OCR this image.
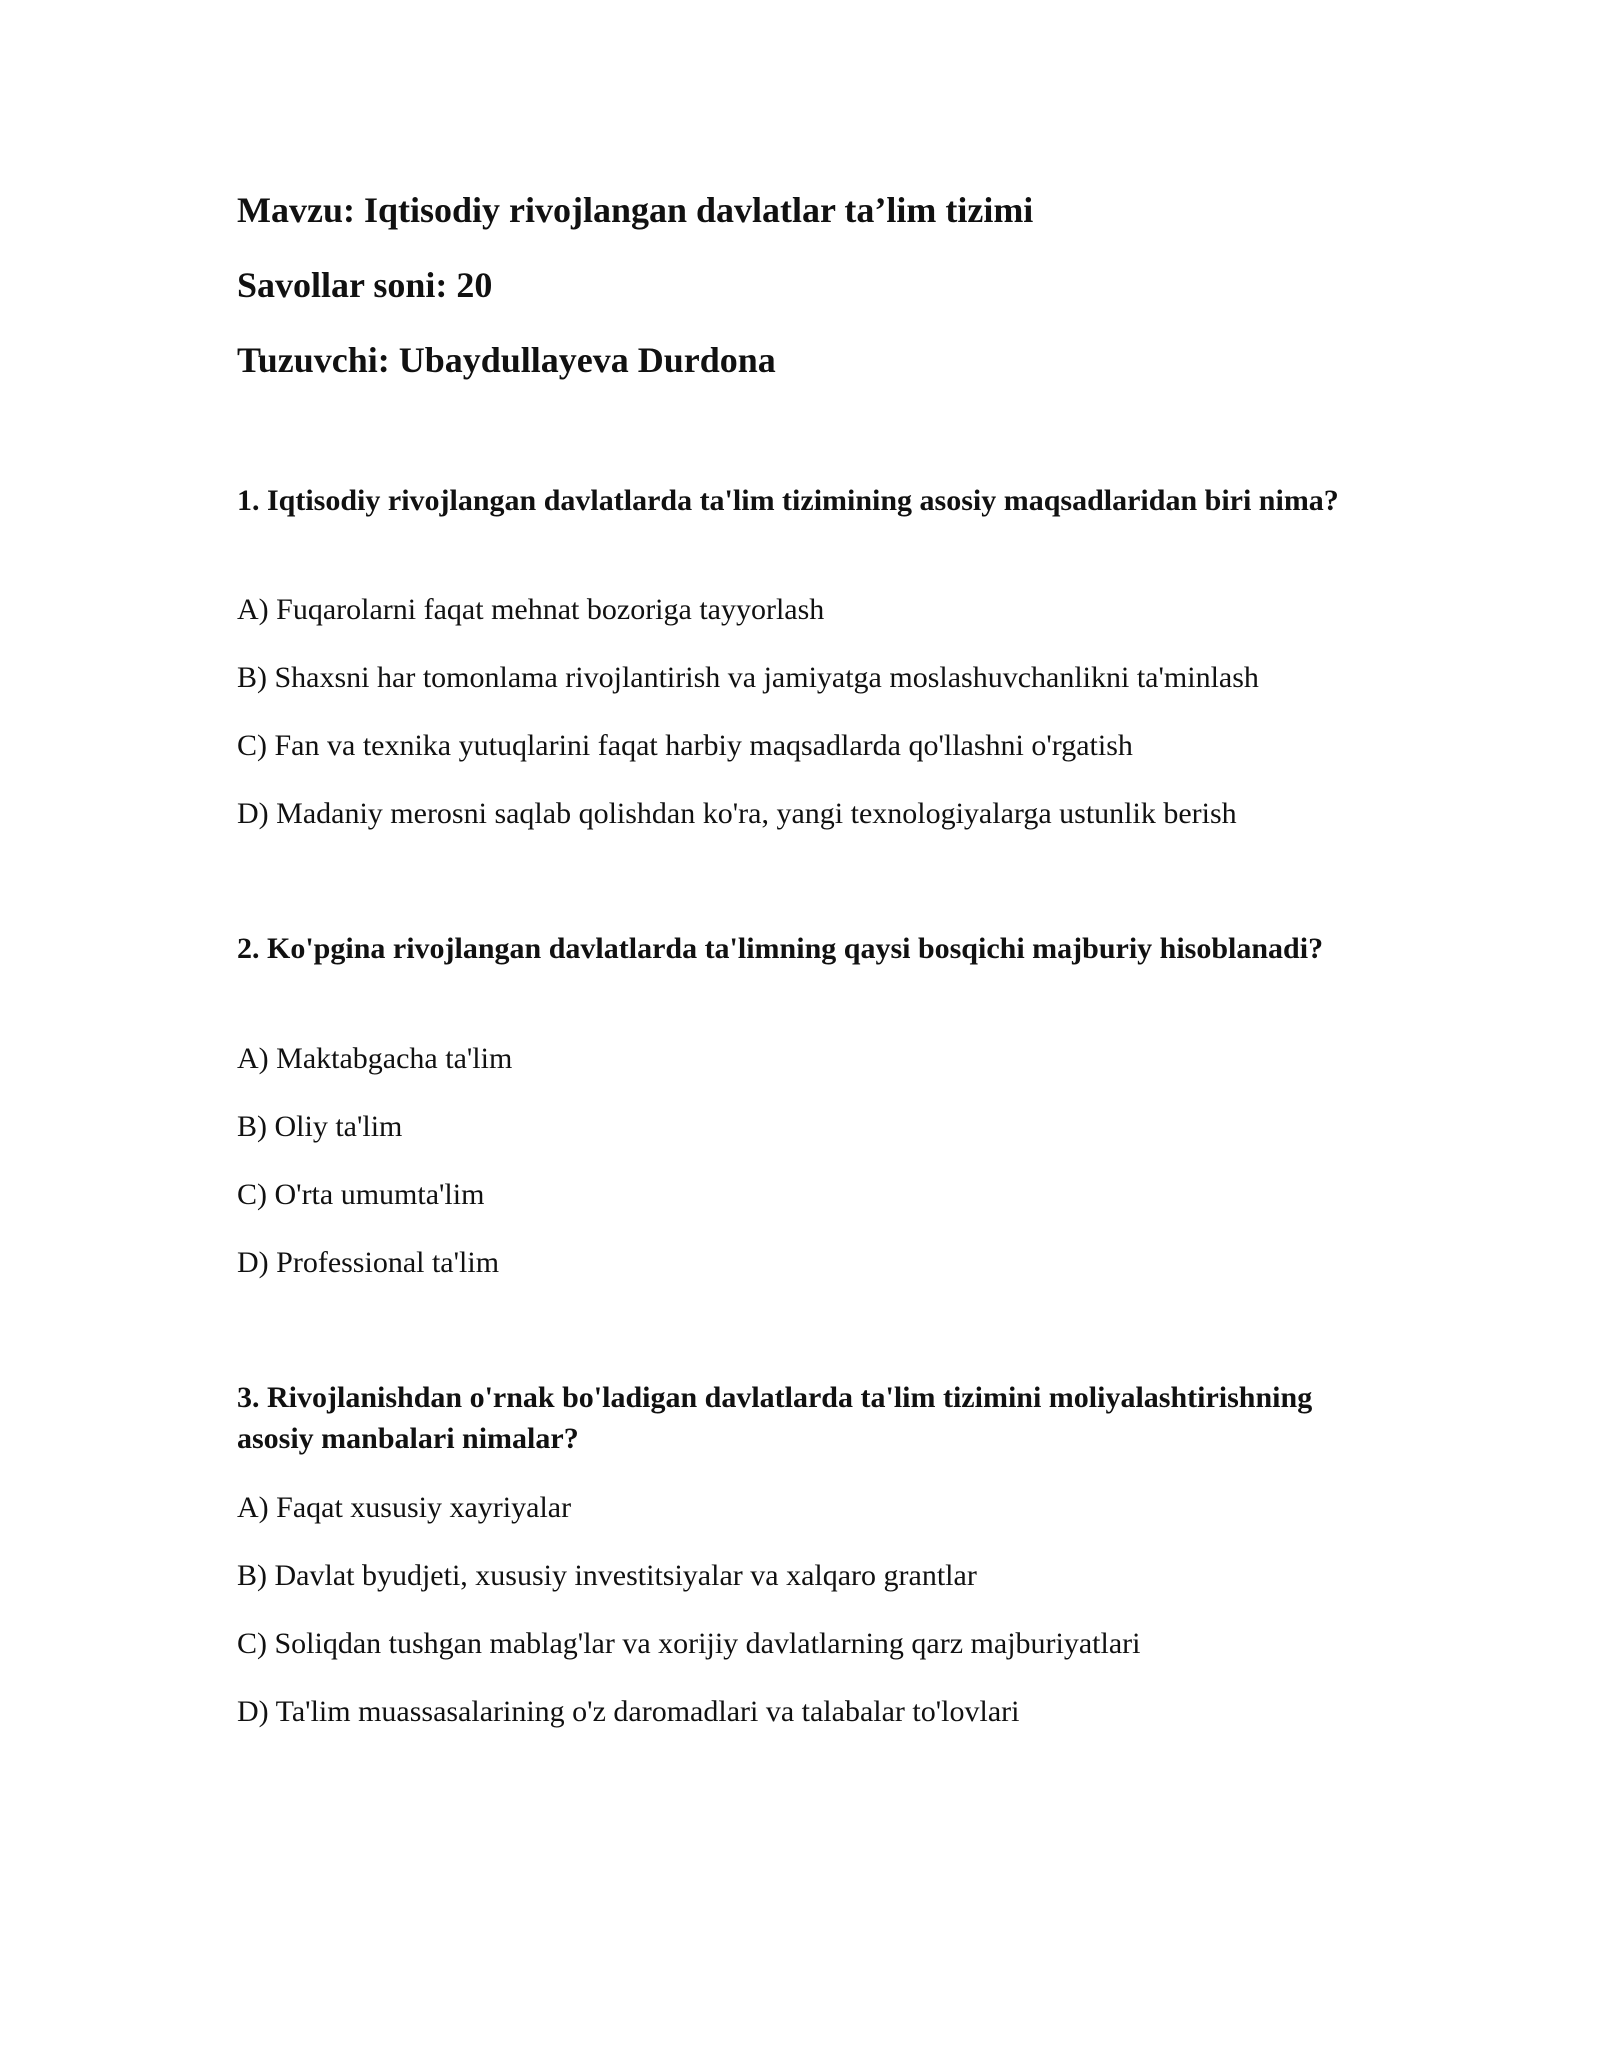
Mavzu: Iqtisodiy rivojlangan davlatlar ta’lim tizimi
Savollar soni: 20
Tuzuvchi: Ubaydullayeva Durdona
1. Iqtisodiy rivojlangan davlatlarda ta'lim tizimining asosiy maqsadlaridan biri nima?
A) Fuqarolarni faqat mehnat bozoriga tayyorlash
B) Shaxsni har tomonlama rivojlantirish va jamiyatga moslashuvchanlikni ta'minlash
C) Fan va texnika yutuqlarini faqat harbiy maqsadlarda qo'llashni o'rgatish
D) Madaniy merosni saqlab qolishdan ko'ra, yangi texnologiyalarga ustunlik berish
2. Ko'pgina rivojlangan davlatlarda ta'limning qaysi bosqichi majburiy hisoblanadi?
A) Maktabgacha ta'lim
B) Oliy ta'lim
C) O'rta umumta'lim
D) Professional ta'lim
3. Rivojlanishdan o'rnak bo'ladigan davlatlarda ta'lim tizimini moliyalashtirishning asosiy manbalari nimalar?
A) Faqat xususiy xayriyalar
B) Davlat byudjeti, xususiy investitsiyalar va xalqaro grantlar
C) Soliqdan tushgan mablag'lar va xorijiy davlatlarning qarz majburiyatlari
D) Ta'lim muassasalarining o'z daromadlari va talabalar to'lovlari
